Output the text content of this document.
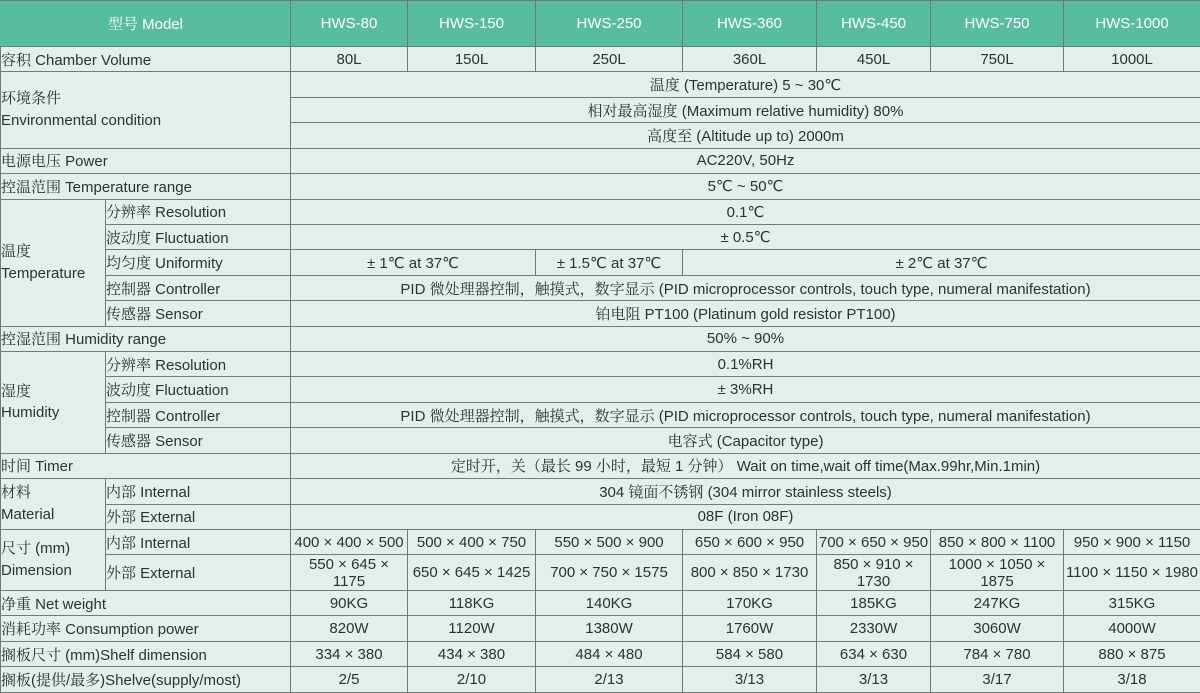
型号 Model		HWS-80	HWS-150	HWS-250	HWS-360	HWS-450	HWS-750	HWS-1000
容积 Chamber Volume		80L	150L	250L	360L	450L	750L	1000L
环境条件
Environmental condition		温度 (Temperature) 5 ~ 30℃						
		相对最高湿度 (Maximum relative humidity) 80%						
		高度至 (Altitude up to) 2000m						
电源电压 Power		AC220V, 50Hz						
控温范围 Temperature range		5℃ ~ 50℃						
温度
Temperature	分辨率 Resolution	0.1℃						
	波动度 Fluctuation	± 0.5℃						
	均匀度 Uniformity	± 1℃ at 37℃		± 1.5℃ at 37℃	± 2℃ at 37℃			
	控制器 Controller	PID 微处理器控制，触摸式，数字显示 (PID microprocessor controls, touch type, numeral manifestation)						
	传感器 Sensor	铂电阻 PT100 (Platinum gold resistor PT100)						
控湿范围 Humidity range		50% ~ 90%						
湿度
Humidity	分辨率 Resolution	0.1%RH						
	波动度 Fluctuation	± 3%RH						
	控制器 Controller	PID 微处理器控制，触摸式，数字显示 (PID microprocessor controls, touch type, numeral manifestation)						
	传感器 Sensor	电容式 (Capacitor type)						
时间 Timer		定时开，关（最长 99 小时，最短 1 分钟） Wait on time,wait off time(Max.99hr,Min.1min)						
材料
Material	内部 Internal	304 镜面不锈钢 (304 mirror stainless steels)						
	外部 External	08F (Iron 08F)						
尺寸 (mm)
Dimension	内部 Internal	400 × 400 × 500	500 × 400 × 750	550 × 500 × 900	650 × 600 × 950	700 × 650 × 950	850 × 800 × 1100	950 × 900 × 1150
	外部 External	550 × 645 × 1175	650 × 645 × 1425	700 × 750 × 1575	800 × 850 × 1730	850 × 910 × 1730	1000 × 1050 × 1875	1100 × 1150 × 1980
净重 Net weight		90KG	118KG	140KG	170KG	185KG	247KG	315KG
消耗功率 Consumption power		820W	1120W	1380W	1760W	2330W	3060W	4000W
搁板尺寸 (mm)Shelf dimension		334 × 380	434 × 380	484 × 480	584 × 580	634 × 630	784 × 780	880 × 875
搁板(提供/最多)Shelve(supply/most)		2/5	2/10	2/13	3/13	3/13	3/17	3/18
